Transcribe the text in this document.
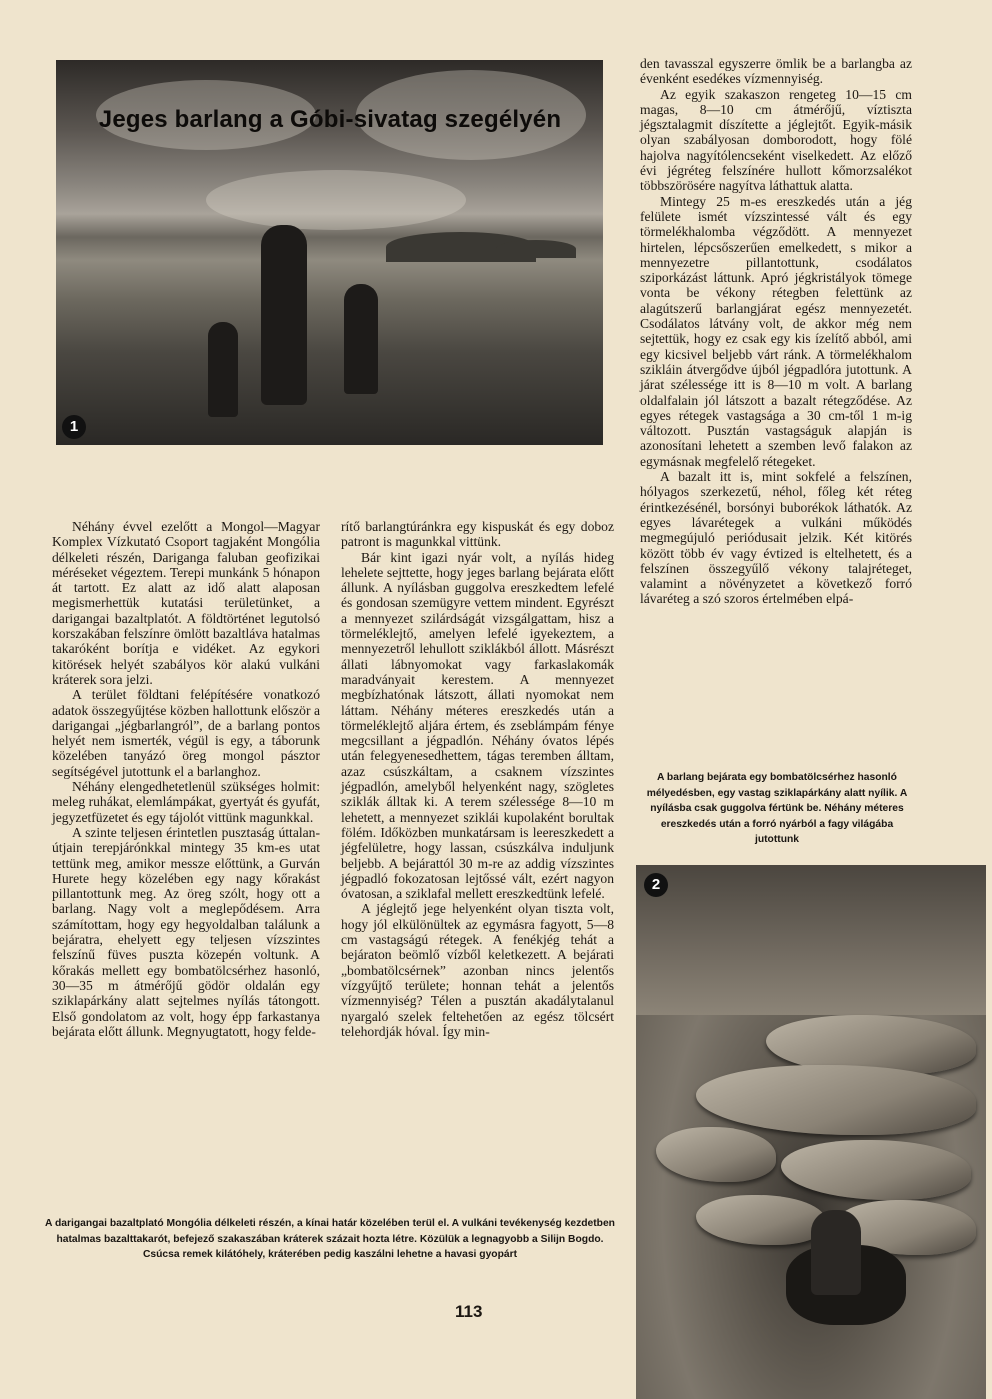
Jeges barlang a Góbi-sivatag szegélyén
1

Néhány évvel ezelőtt a Mongol—Magyar Komplex Vízkutató Csoport tagjaként Mongólia délkeleti részén, Dariganga faluban geofizikai méréseket végeztem. Terepi munkánk 5 hónapon át tartott. Ez alatt az idő alatt alaposan megismerhettük kutatási területünket, a darigangai bazaltplatót. A földtörténet legutolsó korszakában felszínre ömlött bazaltláva hatalmas takaróként borítja e vidéket. Az egykori kitörések helyét szabályos kör alakú vulkáni kráterek sora jelzi.

A terület földtani felépítésére vonatkozó adatok összegyűjtése közben hallottunk először a darigangai „jégbarlangról”, de a barlang pontos helyét nem ismerték, végül is egy, a táborunk közelében tanyázó öreg mongol pásztor segítségével jutottunk el a barlanghoz.

Néhány elengedhetetlenül szükséges holmit: meleg ruhákat, elemlámpákat, gyertyát és gyufát, jegyzetfüzetet és egy tájolót vittünk magunkkal.

A szinte teljesen érintetlen pusztaság úttalan-útjain terepjárónkkal mintegy 35 km-es utat tettünk meg, amikor messze előttünk, a Gurván Hurete hegy közelében egy nagy kőrakást pillantottunk meg. Az öreg szólt, hogy ott a barlang. Nagy volt a meglepődésem. Arra számítottam, hogy egy hegyoldalban találunk a bejáratra, ehelyett egy teljesen vízszintes felszínű füves puszta közepén voltunk. A kőrakás mellett egy bombatölcsérhez hasonló, 30—35 m átmérőjű gödör oldalán egy sziklapárkány alatt sejtelmes nyílás tátongott. Első gondolatom az volt, hogy épp farkastanya bejárata előtt állunk. Megnyugtatott, hogy felde-

rítő barlangtúránkra egy kispuskát és egy doboz patront is magunkkal vittünk.

Bár kint igazi nyár volt, a nyílás hideg lehelete sejttette, hogy jeges barlang bejárata előtt állunk. A nyílásban guggolva ereszkedtem lefelé és gondosan szemügyre vettem mindent. Egyrészt a mennyezet szilárdságát vizsgálgattam, hisz a törmeléklejtő, amelyen lefelé igyekeztem, a mennyezetről lehullott sziklákból állott. Másrészt állati lábnyomokat vagy farkaslakomák maradványait kerestem. A mennyezet megbízhatónak látszott, állati nyomokat nem láttam. Néhány méteres ereszkedés után a törmeléklejtő aljára értem, és zseblámpám fénye megcsillant a jégpadlón. Néhány óvatos lépés után felegyenesedhettem, tágas teremben álltam, azaz csúszkáltam, a csaknem vízszintes jégpadlón, amelyből helyenként nagy, szögletes sziklák álltak ki. A terem szélessége 8—10 m lehetett, a mennyezet sziklái kupolaként borultak fölém. Időközben munkatársam is leereszkedett a jégfelületre, hogy lassan, csúszkálva induljunk beljebb. A bejárattól 30 m-re az addig vízszintes jégpadló fokozatosan lejtőssé vált, ezért nagyon óvatosan, a sziklafal mellett ereszkedtünk lefelé.

A jéglejtő jege helyenként olyan tiszta volt, hogy jól elkülönültek az egymásra fagyott, 5—8 cm vastagságú rétegek. A fenékjég tehát a bejáraton beömlő vízből keletkezett. A bejárati „bombatölcsérnek” azonban nincs jelentős vízgyűjtő területe; honnan tehát a jelentős vízmennyiség? Télen a pusztán akadálytalanul nyargaló szelek feltehetően az egész tölcsért telehordják hóval. Így min-

den tavasszal egyszerre ömlik be a barlangba az évenként esedékes vízmennyiség.

Az egyik szakaszon rengeteg 10—15 cm magas, 8—10 cm átmérőjű, víztiszta jégsztalagmit díszítette a jéglejtőt. Egyik-másik olyan szabályosan domborodott, hogy fölé hajolva nagyítólencseként viselkedett. Az előző évi jégréteg felszínére hullott kőmorzsalékot többszörösére nagyítva láthattuk alatta.

Mintegy 25 m-es ereszkedés után a jég felülete ismét vízszintessé vált és egy törmelékhalomba végződött. A mennyezet hirtelen, lépcsőszerűen emelkedett, s mikor a mennyezetre pillantottunk, csodálatos sziporkázást láttunk. Apró jégkristályok tömege vonta be vékony rétegben felettünk az alagútszerű barlangjárat egész mennyezetét. Csodálatos látvány volt, de akkor még nem sejtettük, hogy ez csak egy kis ízelítő abból, ami egy kicsivel beljebb várt ránk. A törmelékhalom szikláin átvergődve újból jégpadlóra jutottunk. A járat szélessége itt is 8—10 m volt. A barlang oldalfalain jól látszott a bazalt rétegződése. Az egyes rétegek vastagsága a 30 cm-től 1 m-ig változott. Pusztán vastagságuk alapján is azonosítani lehetett a szemben levő falakon az egymásnak megfelelő rétegeket.

A bazalt itt is, mint sokfelé a felszínen, hólyagos szerkezetű, néhol, főleg két réteg érintkezésénél, borsónyi buborékok láthatók. Az egyes lávarétegek a vulkáni működés megmegújuló periódusait jelzik. Két kitörés között több év vagy évtized is eltelhetett, és a felszínen összegyűlő vékony talajréteget, valamint a növényzetet a következő forró lávaréteg a szó szoros értelmében elpá-

A barlang bejárata egy bombatölcsérhez hasonló mélyedésben, egy vastag sziklapárkány alatt nyílik. A nyílásba csak guggolva fértünk be. Néhány méteres ereszkedés után a forró nyárból a fagy világába jutottunk
2
A darigangai bazaltplató Mongólia délkeleti részén, a kínai határ közelében terül el. A vulkáni tevékenység kezdetben hatalmas bazalttakarót, befejező szakaszában kráterek százait hozta létre. Közülük a legnagyobb a Silijn Bogdo. Csúcsa remek kilátóhely, kráterében pedig kaszálni lehetne a havasi gyopárt
113
